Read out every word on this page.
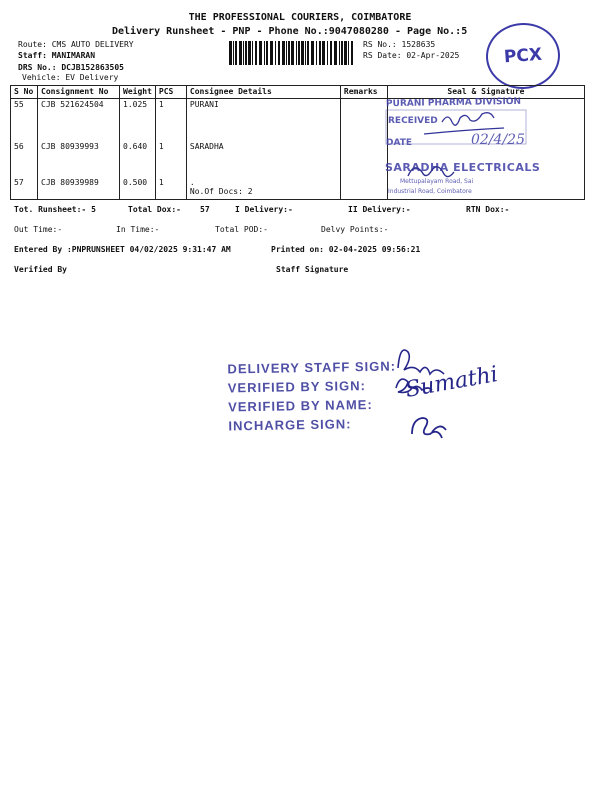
THE PROFESSIONAL COURIERS, COIMBATORE
Delivery Runsheet - PNP - Phone No.:9047080280 - Page No.:5
Route: CMS AUTO DELIVERY
Staff: MANIMARAN
DRS No.: DCJB152863505
Vehicle: EV Delivery
RS No.: 1528635
RS Date: 02-Apr-2025	PCX
S No	Consignment No	Weight	PCS	Consignee Details	Remarks	Seal & Signature
55	CJB 521624504	1.025	1	PURANI		
56	CJB 80939993	0.640	1	SARADHA		
57	CJB 80939989	0.500	1	.
No.Of Docs: 2		

PURANI PHARMA DIVISION
RECEIVED
DATE	02/4/25
SARADHA ELECTRICALS
Mettupalayam Road, Sai
Industrial Road, Coimbatore
Tot. Runsheet:- 5	Total Dox:- 57	I Delivery:-	II Delivery:-	RTN Dox:-
Out Time:-	In Time:-	Total POD:-	Delvy Points:-
Entered By :PNPRUNSHEET 04/02/2025 9:31:47 AM	Printed on: 02-04-2025 09:56:21
Verified By	Staff Signature
DELIVERY STAFF SIGN:
VERIFIED BY SIGN:
VERIFIED BY NAME:
INCHARGE SIGN:
Sumathi
